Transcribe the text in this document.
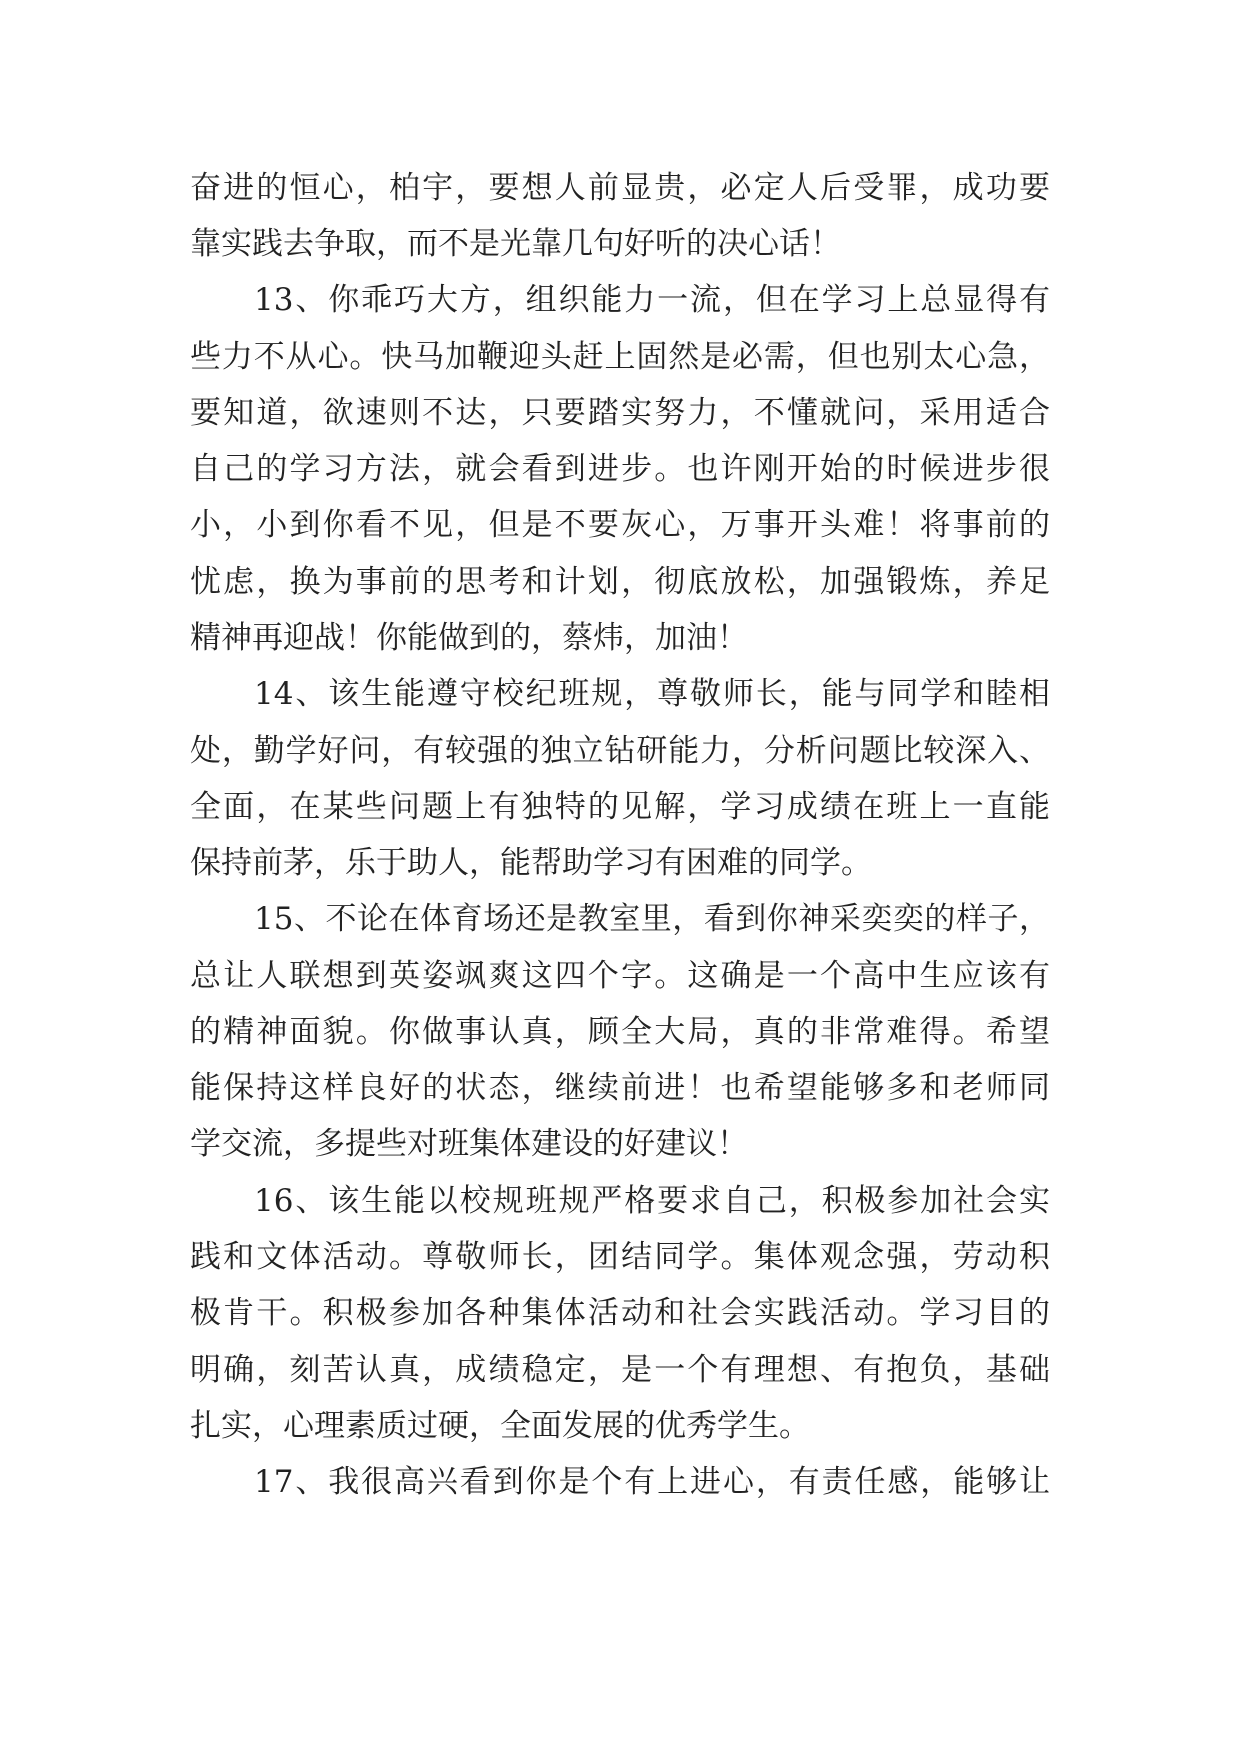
奋进的恒心，柏宇，要想人前显贵，必定人后受罪，成功要
靠实践去争取，而不是光靠几句好听的决心话！
13、你乖巧大方，组织能力一流，但在学习上总显得有
些力不从心。快马加鞭迎头赶上固然是必需，但也别太心急，
要知道，欲速则不达，只要踏实努力，不懂就问，采用适合
自己的学习方法，就会看到进步。也许刚开始的时候进步很
小，小到你看不见，但是不要灰心，万事开头难！将事前的
忧虑，换为事前的思考和计划，彻底放松，加强锻炼，养足
精神再迎战！你能做到的，蔡炜，加油！
14、该生能遵守校纪班规，尊敬师长，能与同学和睦相
处，勤学好问，有较强的独立钻研能力，分析问题比较深入、
全面，在某些问题上有独特的见解，学习成绩在班上一直能
保持前茅，乐于助人，能帮助学习有困难的同学。
15、不论在体育场还是教室里，看到你神采奕奕的样子，
总让人联想到英姿飒爽这四个字。这确是一个高中生应该有
的精神面貌。你做事认真，顾全大局，真的非常难得。希望
能保持这样良好的状态，继续前进！也希望能够多和老师同
学交流，多提些对班集体建设的好建议！
16、该生能以校规班规严格要求自己，积极参加社会实
践和文体活动。尊敬师长，团结同学。集体观念强，劳动积
极肯干。积极参加各种集体活动和社会实践活动。学习目的
明确，刻苦认真，成绩稳定，是一个有理想、有抱负，基础
扎实，心理素质过硬，全面发展的优秀学生。
17、我很高兴看到你是个有上进心，有责任感，能够让
